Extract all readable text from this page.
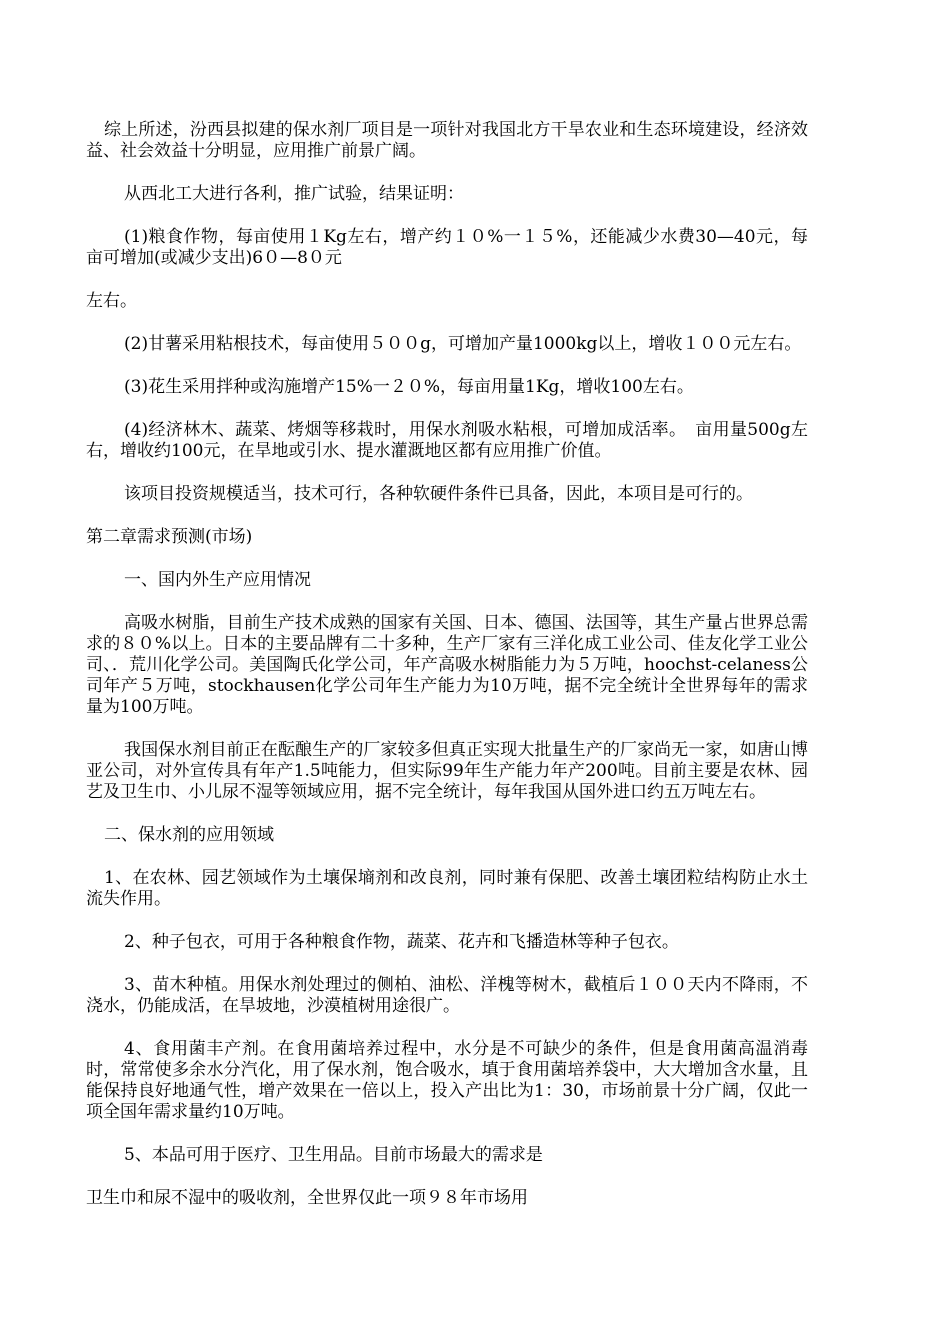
综上所述，汾西县拟建的保水剂厂项目是一项针对我国北方干旱农业和生态环境建设，经济效益、社会效益十分明显，应用推广前景广阔。

从西北工大进行各利，推广试验，结果证明：

(1)粮食作物，每亩使用１Kg左右，增产约１０%一１５%，还能减少水费30—40元，每亩可增加(或减少支出)6０—8０元

左右。

(2)甘薯采用粘根技术，每亩使用５００g，可增加产量1000kg以上，增收１００元左右。

(3)花生采用拌种或沟施增产15%一２０%，每亩用量1Kg，增收100左右。

(4)经济林木、蔬菜、烤烟等移栽时，用保水剂吸水粘根，可增加成活率。　亩用量500g左右，增收约100元，在旱地或引水、提水灌溉地区都有应用推广价值。

该项目投资规模适当，技术可行，各种软硬件条件已具备，因此，本项目是可行的。

第二章需求预测(市场)

一、国内外生产应用情况

高吸水树脂，目前生产技术成熟的国家有关国、日本、德国、法国等，其生产量占世界总需求的８０%以上。日本的主要品牌有二十多种，生产厂家有三洋化成工业公司、佳友化学工业公司、．荒川化学公司。美国陶氏化学公司，年产高吸水树脂能力为５万吨，hoochst-celaness公司年产５万吨，stockhausen化学公司年生产能力为10万吨，据不完全统计全世界每年的需求量为100万吨。

我国保水剂目前正在酝酿生产的厂家较多但真正实现大批量生产的厂家尚无一家，如唐山博亚公司，对外宣传具有年产1.5吨能力，但实际99年生产能力年产200吨。目前主要是农林、园艺及卫生巾、小儿尿不湿等领域应用，据不完全统计，每年我国从国外进口约五万吨左右。

二、保水剂的应用领域

1、在农林、园艺领域作为土壤保墒剂和改良剂，同时兼有保肥、改善土壤团粒结构防止水土流失作用。

2、种子包衣，可用于各种粮食作物，蔬菜、花卉和飞播造林等种子包衣。

3、苗木种植。用保水剂处理过的侧柏、油松、洋槐等树木，截植后１００天内不降雨，不浇水，仍能成活，在旱坡地，沙漠植树用途很广。

4、食用菌丰产剂。在食用菌培养过程中，水分是不可缺少的条件，但是食用菌高温消毒时，常常使多余水分汽化，用了保水剂，饱合吸水，填于食用菌培养袋中，大大增加含水量，且能保持良好地通气性，增产效果在一倍以上，投入产出比为1：30，市场前景十分广阔，仅此一项全国年需求量约10万吨。

5、本品可用于医疗、卫生用品。目前市场最大的需求是

卫生巾和尿不湿中的吸收剂，全世界仅此一项９８年市场用
